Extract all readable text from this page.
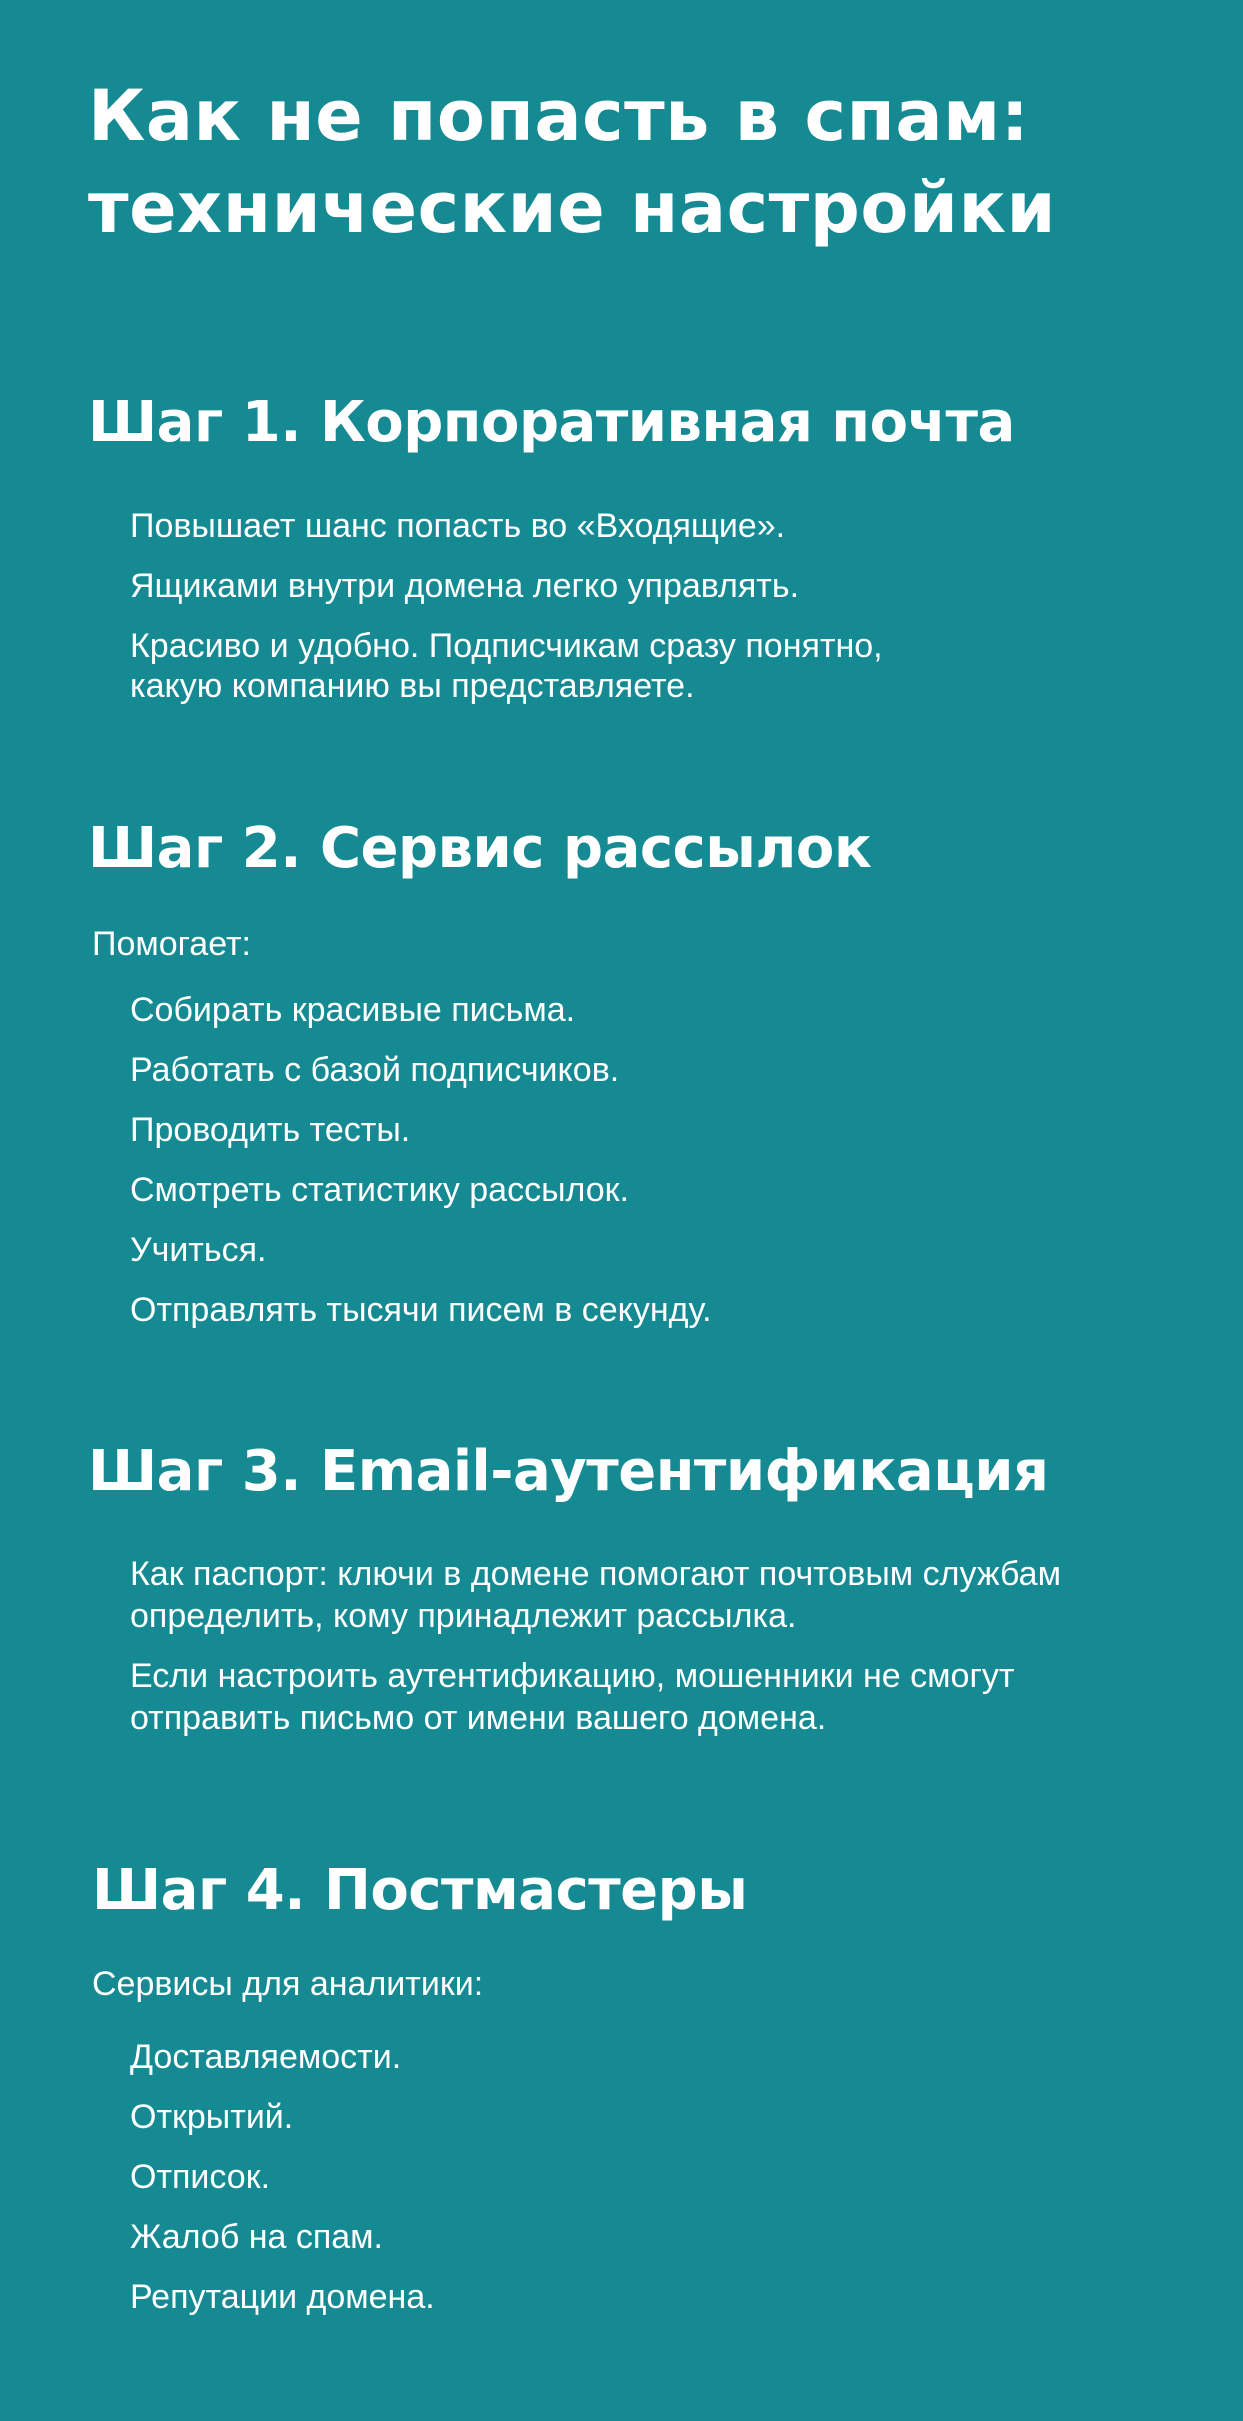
Как не попасть в спам:
технические настройки
Шаг 1. Корпоративная почта
Повышает шанс попасть во «Входящие».
Ящиками внутри домена легко управлять.
Красиво и удобно. Подписчикам сразу понятно,
какую компанию вы представляете.
Шаг 2. Сервис рассылок

Помогает:

Собирать красивые письма.
Работать с базой подписчиков.
Проводить тесты.
Смотреть статистику рассылок.
Учиться.
Отправлять тысячи писем в секунду.
Шаг 3. Email-аутентификация
Как паспорт: ключи в домене помогают почтовым службам
определить, кому принадлежит рассылка.
Если настроить аутентификацию, мошенники не смогут
отправить письмо от имени вашего домена.
Шаг 4. Постмастеры

Сервисы для аналитики:

Доставляемости.
Открытий.
Отписок.
Жалоб на спам.
Репутации домена.
